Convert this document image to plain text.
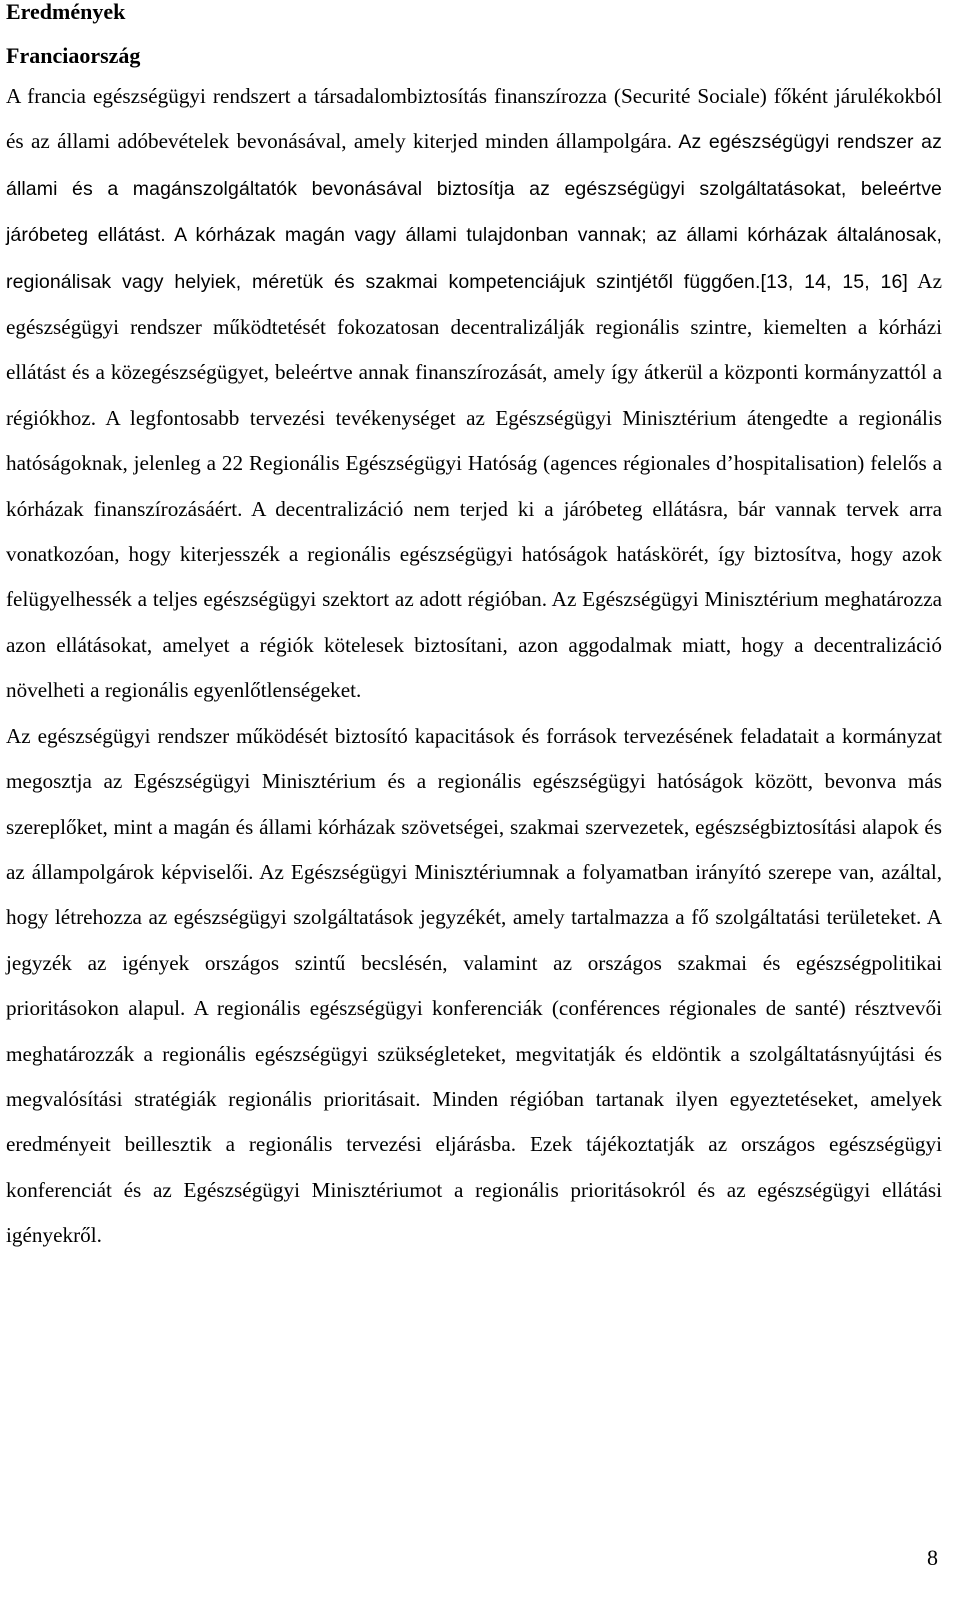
Eredmények
Franciaország

A francia egészségügyi rendszert a társadalombiztosítás finanszírozza (Securité Sociale) főként járulékokból és az állami adóbevételek bevonásával, amely kiterjed minden állampolgára. Az egészségügyi rendszer az állami és a magánszolgáltatók bevonásával biztosítja az egészségügyi szolgáltatásokat, beleértve járóbeteg ellátást. A kórházak magán vagy állami tulajdonban vannak; az állami kórházak általánosak, regionálisak vagy helyiek, méretük és szakmai kompetenciájuk szintjétől függően.[13, 14, 15, 16] Az egészségügyi rendszer működtetését fokozatosan decentralizálják regionális szintre, kiemelten a kórházi ellátást és a közegészségügyet, beleértve annak finanszírozását, amely így átkerül a központi kormányzattól a régiókhoz. A legfontosabb tervezési tevékenységet az Egészségügyi Minisztérium átengedte a regionális hatóságoknak, jelenleg a 22 Regionális Egészségügyi Hatóság (agences régionales d’hospitalisation) felelős a kórházak finanszírozásáért. A decentralizáció nem terjed ki a járóbeteg ellátásra, bár vannak tervek arra vonatkozóan, hogy kiterjesszék a regionális egészségügyi hatóságok hatáskörét, így biztosítva, hogy azok felügyelhessék a teljes egészségügyi szektort az adott régióban. Az Egészségügyi Minisztérium meghatározza azon ellátásokat, amelyet a régiók kötelesek biztosítani, azon aggodalmak miatt, hogy a decentralizáció növelheti a regionális egyenlőtlenségeket.

Az egészségügyi rendszer működését biztosító kapacitások és források tervezésének feladatait a kormányzat megosztja az Egészségügyi Minisztérium és a regionális egészségügyi hatóságok között, bevonva más szereplőket, mint a magán és állami kórházak szövetségei, szakmai szervezetek, egészségbiztosítási alapok és az állampolgárok képviselői. Az Egészségügyi Minisztériumnak a folyamatban irányító szerepe van, azáltal, hogy létrehozza az egészségügyi szolgáltatások jegyzékét, amely tartalmazza a fő szolgáltatási területeket. A jegyzék az igények országos szintű becslésén, valamint az országos szakmai és egészségpolitikai prioritásokon alapul. A regionális egészségügyi konferenciák (conférences régionales de santé) résztvevői meghatározzák a regionális egészségügyi szükségleteket, megvitatják és eldöntik a szolgáltatásnyújtási és megvalósítási stratégiák regionális prioritásait. Minden régióban tartanak ilyen egyeztetéseket, amelyek eredményeit beillesztik a regionális tervezési eljárásba. Ezek tájékoztatják az országos egészségügyi konferenciát és az Egészségügyi Minisztériumot a regionális prioritásokról és az egészségügyi ellátási igényekről.

8
